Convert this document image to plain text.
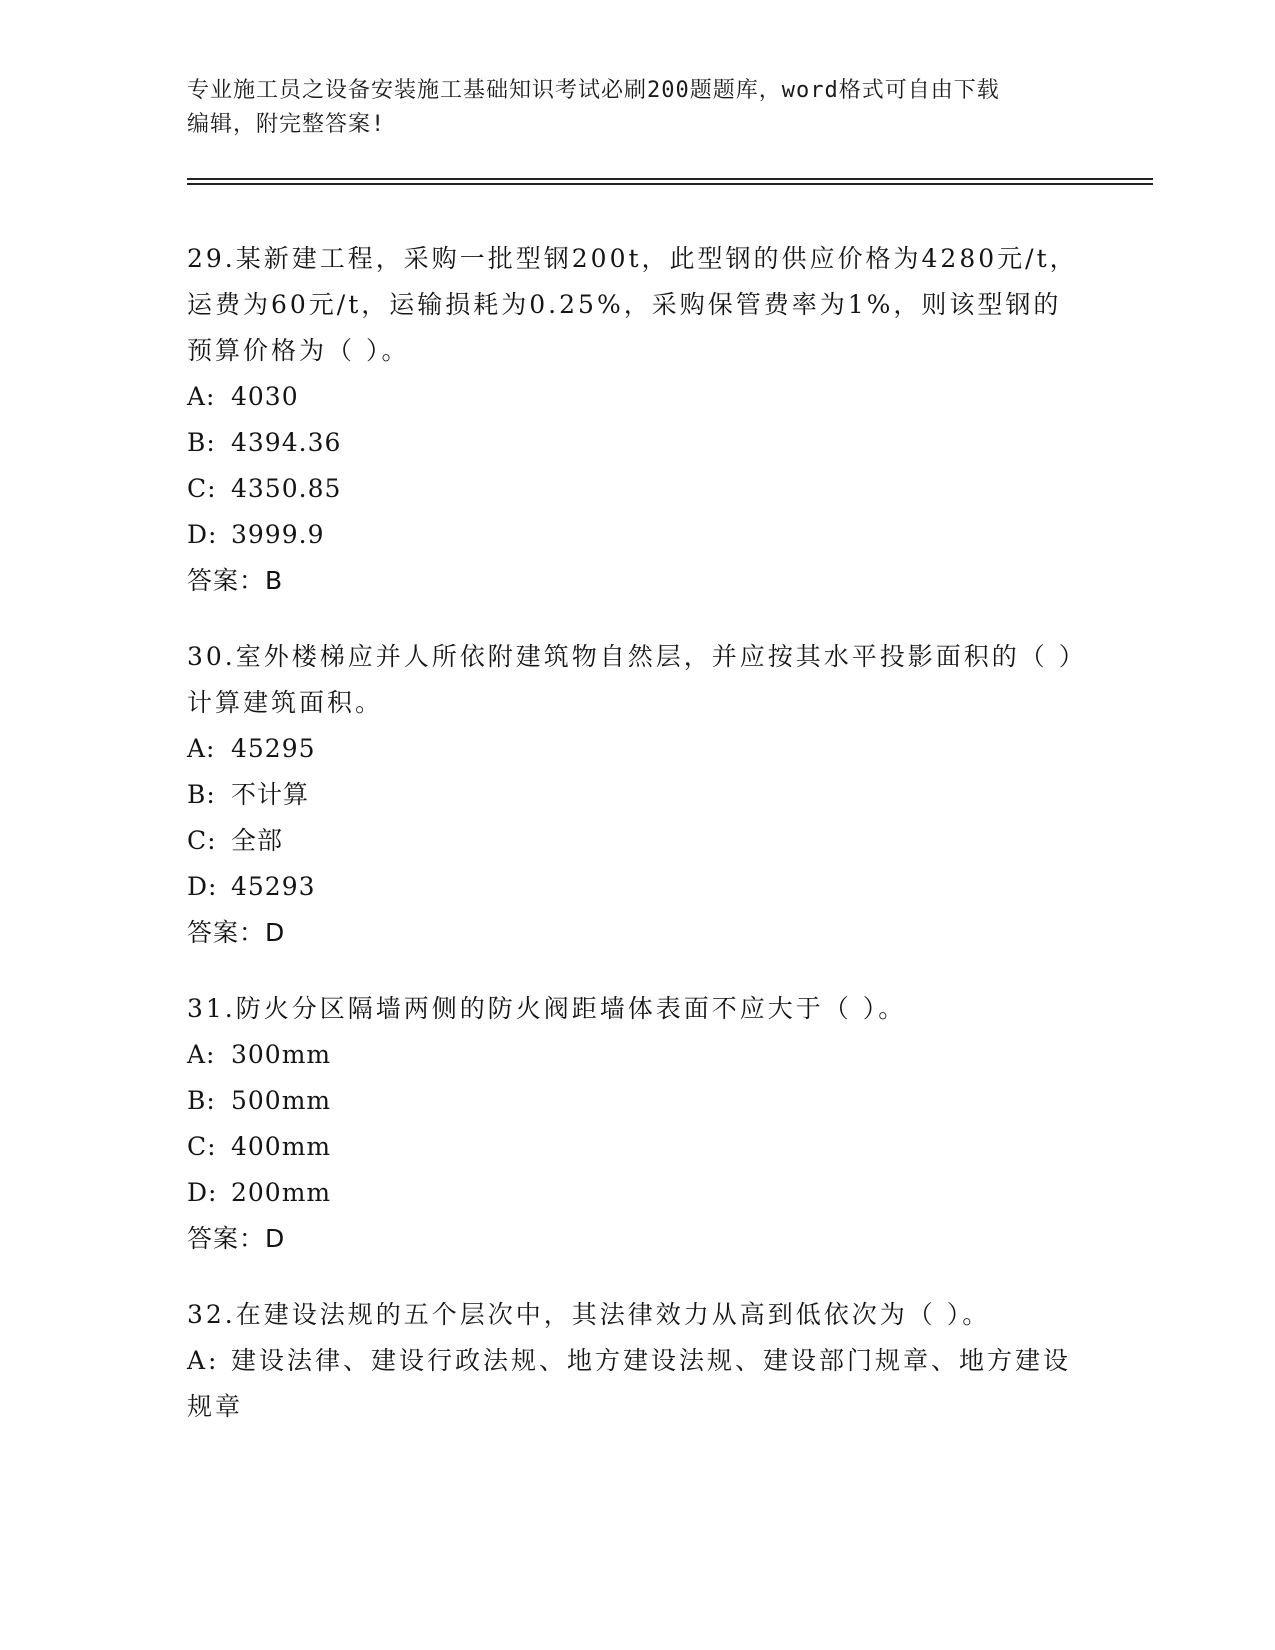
专业施工员之设备安装施工基础知识考试必刷200题题库，word格式可自由下载
编辑，附完整答案!

29.某新建工程，采购一批型钢200t，此型钢的供应价格为4280元/t，运费为60元/t，运输损耗为0.25%，采购保管费率为1%，则该型钢的预算价格为（ ）。

A: 4030

B: 4394.36

C: 4350.85

D: 3999.9

答案：B

30.室外楼梯应并人所依附建筑物自然层，并应按其水平投影面积的（ ）计算建筑面积。

A: 45295

B: 不计算

C: 全部

D: 45293

答案：D

31.防火分区隔墙两侧的防火阀距墙体表面不应大于（ ）。

A: 300mm

B: 500mm

C: 400mm

D: 200mm

答案：D

32.在建设法规的五个层次中，其法律效力从高到低依次为（ ）。

A: 建设法律、建设行政法规、地方建设法规、建设部门规章、地方建设规章
